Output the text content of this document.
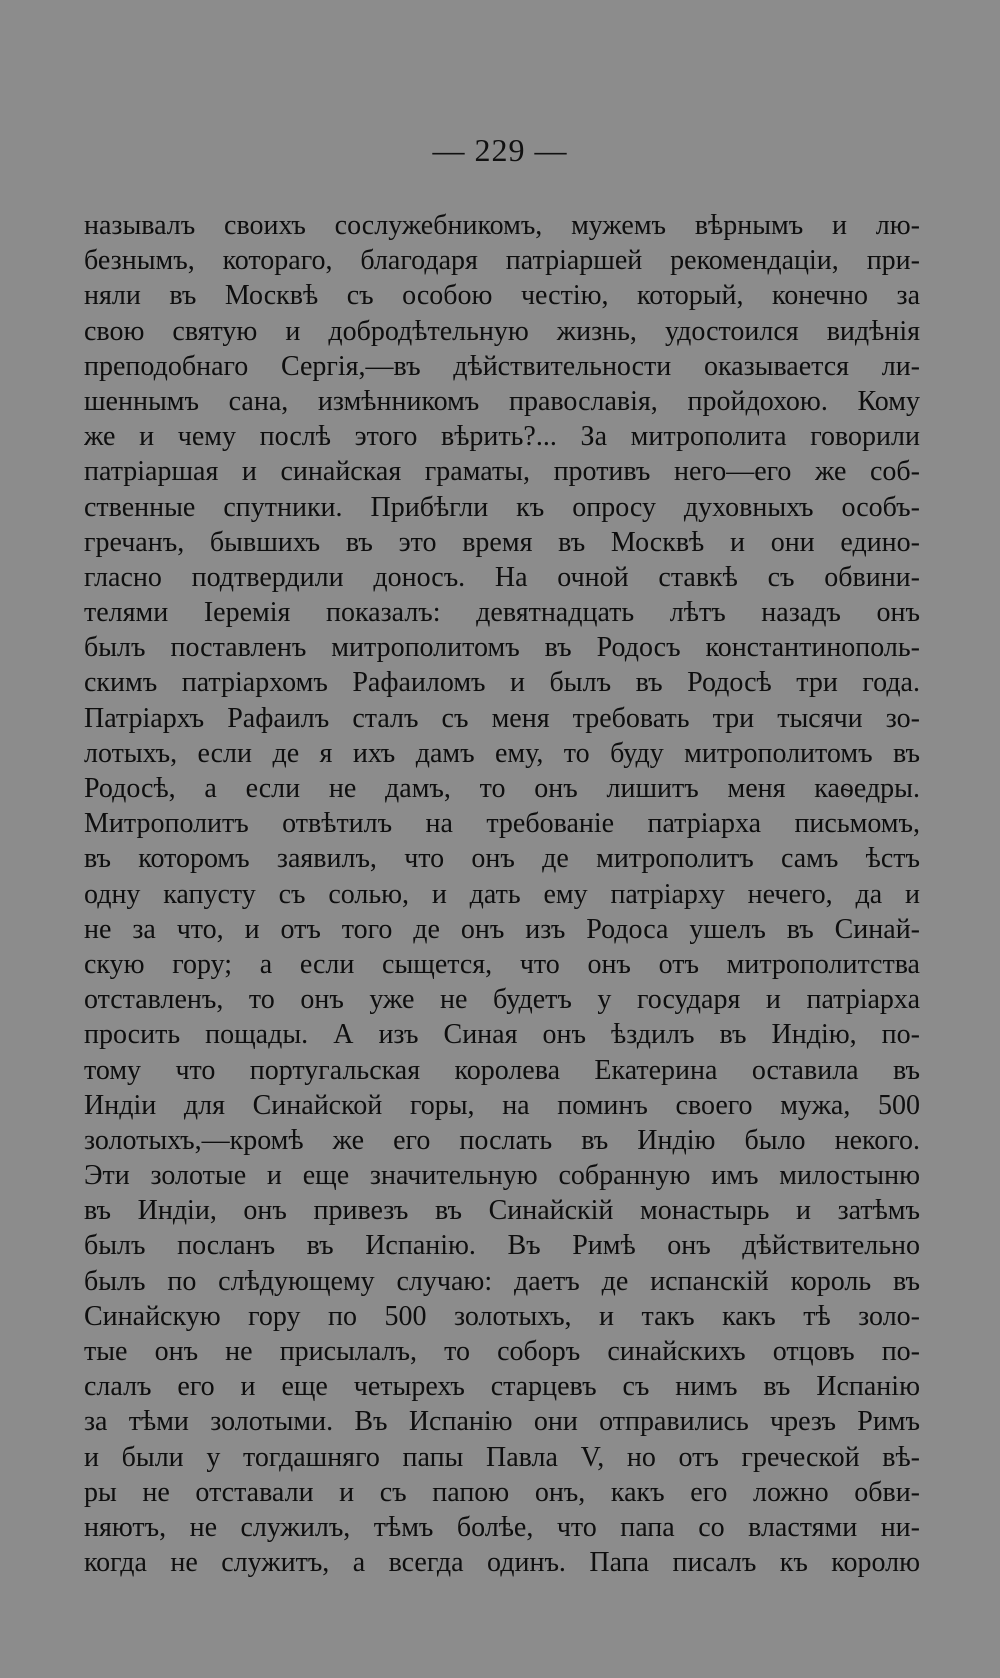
— 229 —
называлъ своихъ сослужебникомъ, мужемъ вѣрнымъ и лю-
безнымъ, котораго, благодаря патріаршей рекомендаціи, при-
няли въ Москвѣ съ особою честію, который, конечно за
свою святую и добродѣтельную жизнь, удостоился видѣнія
преподобнаго Сергія,—въ дѣйствительности оказывается ли-
шеннымъ сана, измѣнникомъ православія, пройдохою. Кому
же и чему послѣ этого вѣрить?... За митрополита говорили
патріаршая и синайская граматы, противъ него—его же соб-
ственные спутники. Прибѣгли къ опросу духовныхъ особъ-
гречанъ, бывшихъ въ это время въ Москвѣ и они едино-
гласно подтвердили доносъ. На очной ставкѣ съ обвини-
телями Іеремія показалъ: девятнадцать лѣтъ назадъ онъ
былъ поставленъ митрополитомъ въ Родосъ константинополь-
скимъ патріархомъ Рафаиломъ и былъ въ Родосѣ три года.
Патріархъ Рафаилъ сталъ съ меня требовать три тысячи зо-
лотыхъ, если де я ихъ дамъ ему, то буду митрополитомъ въ
Родосѣ, а если не дамъ, то онъ лишитъ меня каѳедры.
Митрополитъ отвѣтилъ на требованіе патріарха письмомъ,
въ которомъ заявилъ, что онъ де митрополитъ самъ ѣстъ
одну капусту съ солью, и дать ему патріарху нечего, да и
не за что, и отъ того де онъ изъ Родоса ушелъ въ Синай-
скую гору; а если сыщется, что онъ отъ митрополитства
отставленъ, то онъ уже не будетъ у государя и патріарха
просить пощады. А изъ Синая онъ ѣздилъ въ Индію, по-
тому что португальская королева Екатерина оставила въ
Индіи для Синайской горы, на поминъ своего мужа, 500
золотыхъ,—кромѣ же его послать въ Индію было некого.
Эти золотые и еще значительную собранную имъ милостыню
въ Индіи, онъ привезъ въ Синайскій монастырь и затѣмъ
былъ посланъ въ Испанію. Въ Римѣ онъ дѣйствительно
былъ по слѣдующему случаю: даетъ де испанскій король въ
Синайскую гору по 500 золотыхъ, и такъ какъ тѣ золо-
тые онъ не присылалъ, то соборъ синайскихъ отцовъ по-
слалъ его и еще четырехъ старцевъ съ нимъ въ Испанію
за тѣми золотыми. Въ Испанію они отправились чрезъ Римъ
и были у тогдашняго папы Павла V, но отъ греческой вѣ-
ры не отставали и съ папою онъ, какъ его ложно обви-
няютъ, не служилъ, тѣмъ болѣе, что папа со властями ни-
когда не служитъ, а всегда одинъ. Папа писалъ къ королю
